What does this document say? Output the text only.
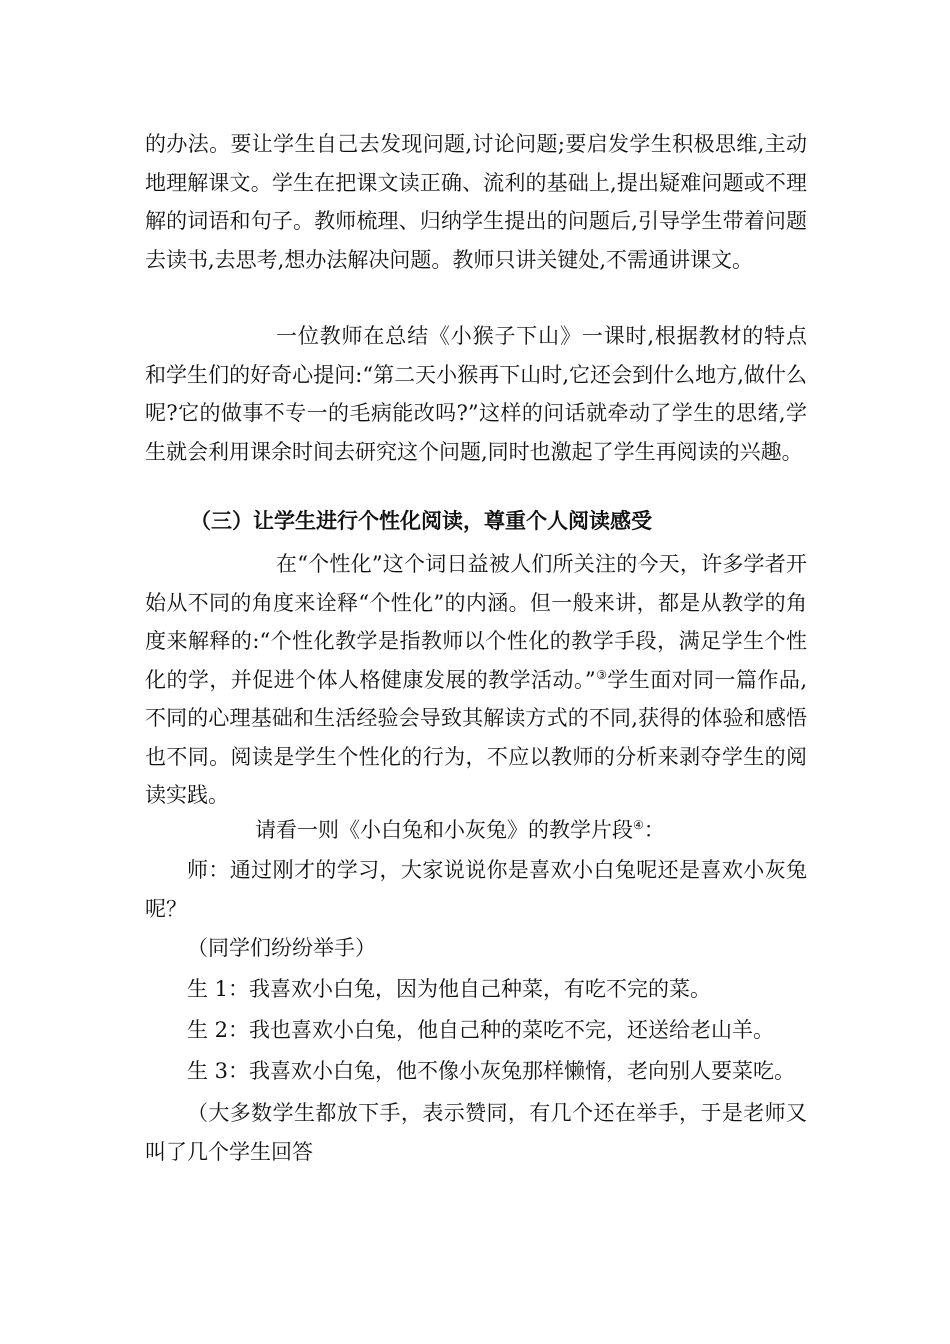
的办法。要让学生自己去发现问题,讨论问题;要启发学生积极思维,主动地理解课文。学生在把课文读正确、流利的基础上,提出疑难问题或不理解的词语和句子。教师梳理、归纳学生提出的问题后,引导学生带着问题去读书,去思考,想办法解决问题。教师只讲关键处,不需通讲课文。

一位教师在总结《小猴子下山》一课时,根据教材的特点和学生们的好奇心提问:“第二天小猴再下山时,它还会到什么地方,做什么呢?它的做事不专一的毛病能改吗?”这样的问话就牵动了学生的思绪,学生就会利用课余时间去研究这个问题,同时也激起了学生再阅读的兴趣。

（三）让学生进行个性化阅读，尊重个人阅读感受

在“个性化”这个词日益被人们所关注的今天，许多学者开始从不同的角度来诠释“个性化”的内涵。但一般来讲，都是从教学的角度来解释的:“个性化教学是指教师以个性化的教学手段，满足学生个性化的学，并促进个体人格健康发展的教学活动。”③学生面对同一篇作品,不同的心理基础和生活经验会导致其解读方式的不同,获得的体验和感悟也不同。阅读是学生个性化的行为，不应以教师的分析来剥夺学生的阅读实践。

请看一则《小白兔和小灰兔》的教学片段④：

师：通过刚才的学习，大家说说你是喜欢小白兔呢还是喜欢小灰兔呢？

（同学们纷纷举手）

生 1：我喜欢小白兔，因为他自己种菜，有吃不完的菜。

生 2：我也喜欢小白兔，他自己种的菜吃不完，还送给老山羊。

生 3：我喜欢小白兔，他不像小灰兔那样懒惰，老向别人要菜吃。

（大多数学生都放下手，表示赞同，有几个还在举手，于是老师又叫了几个学生回答
